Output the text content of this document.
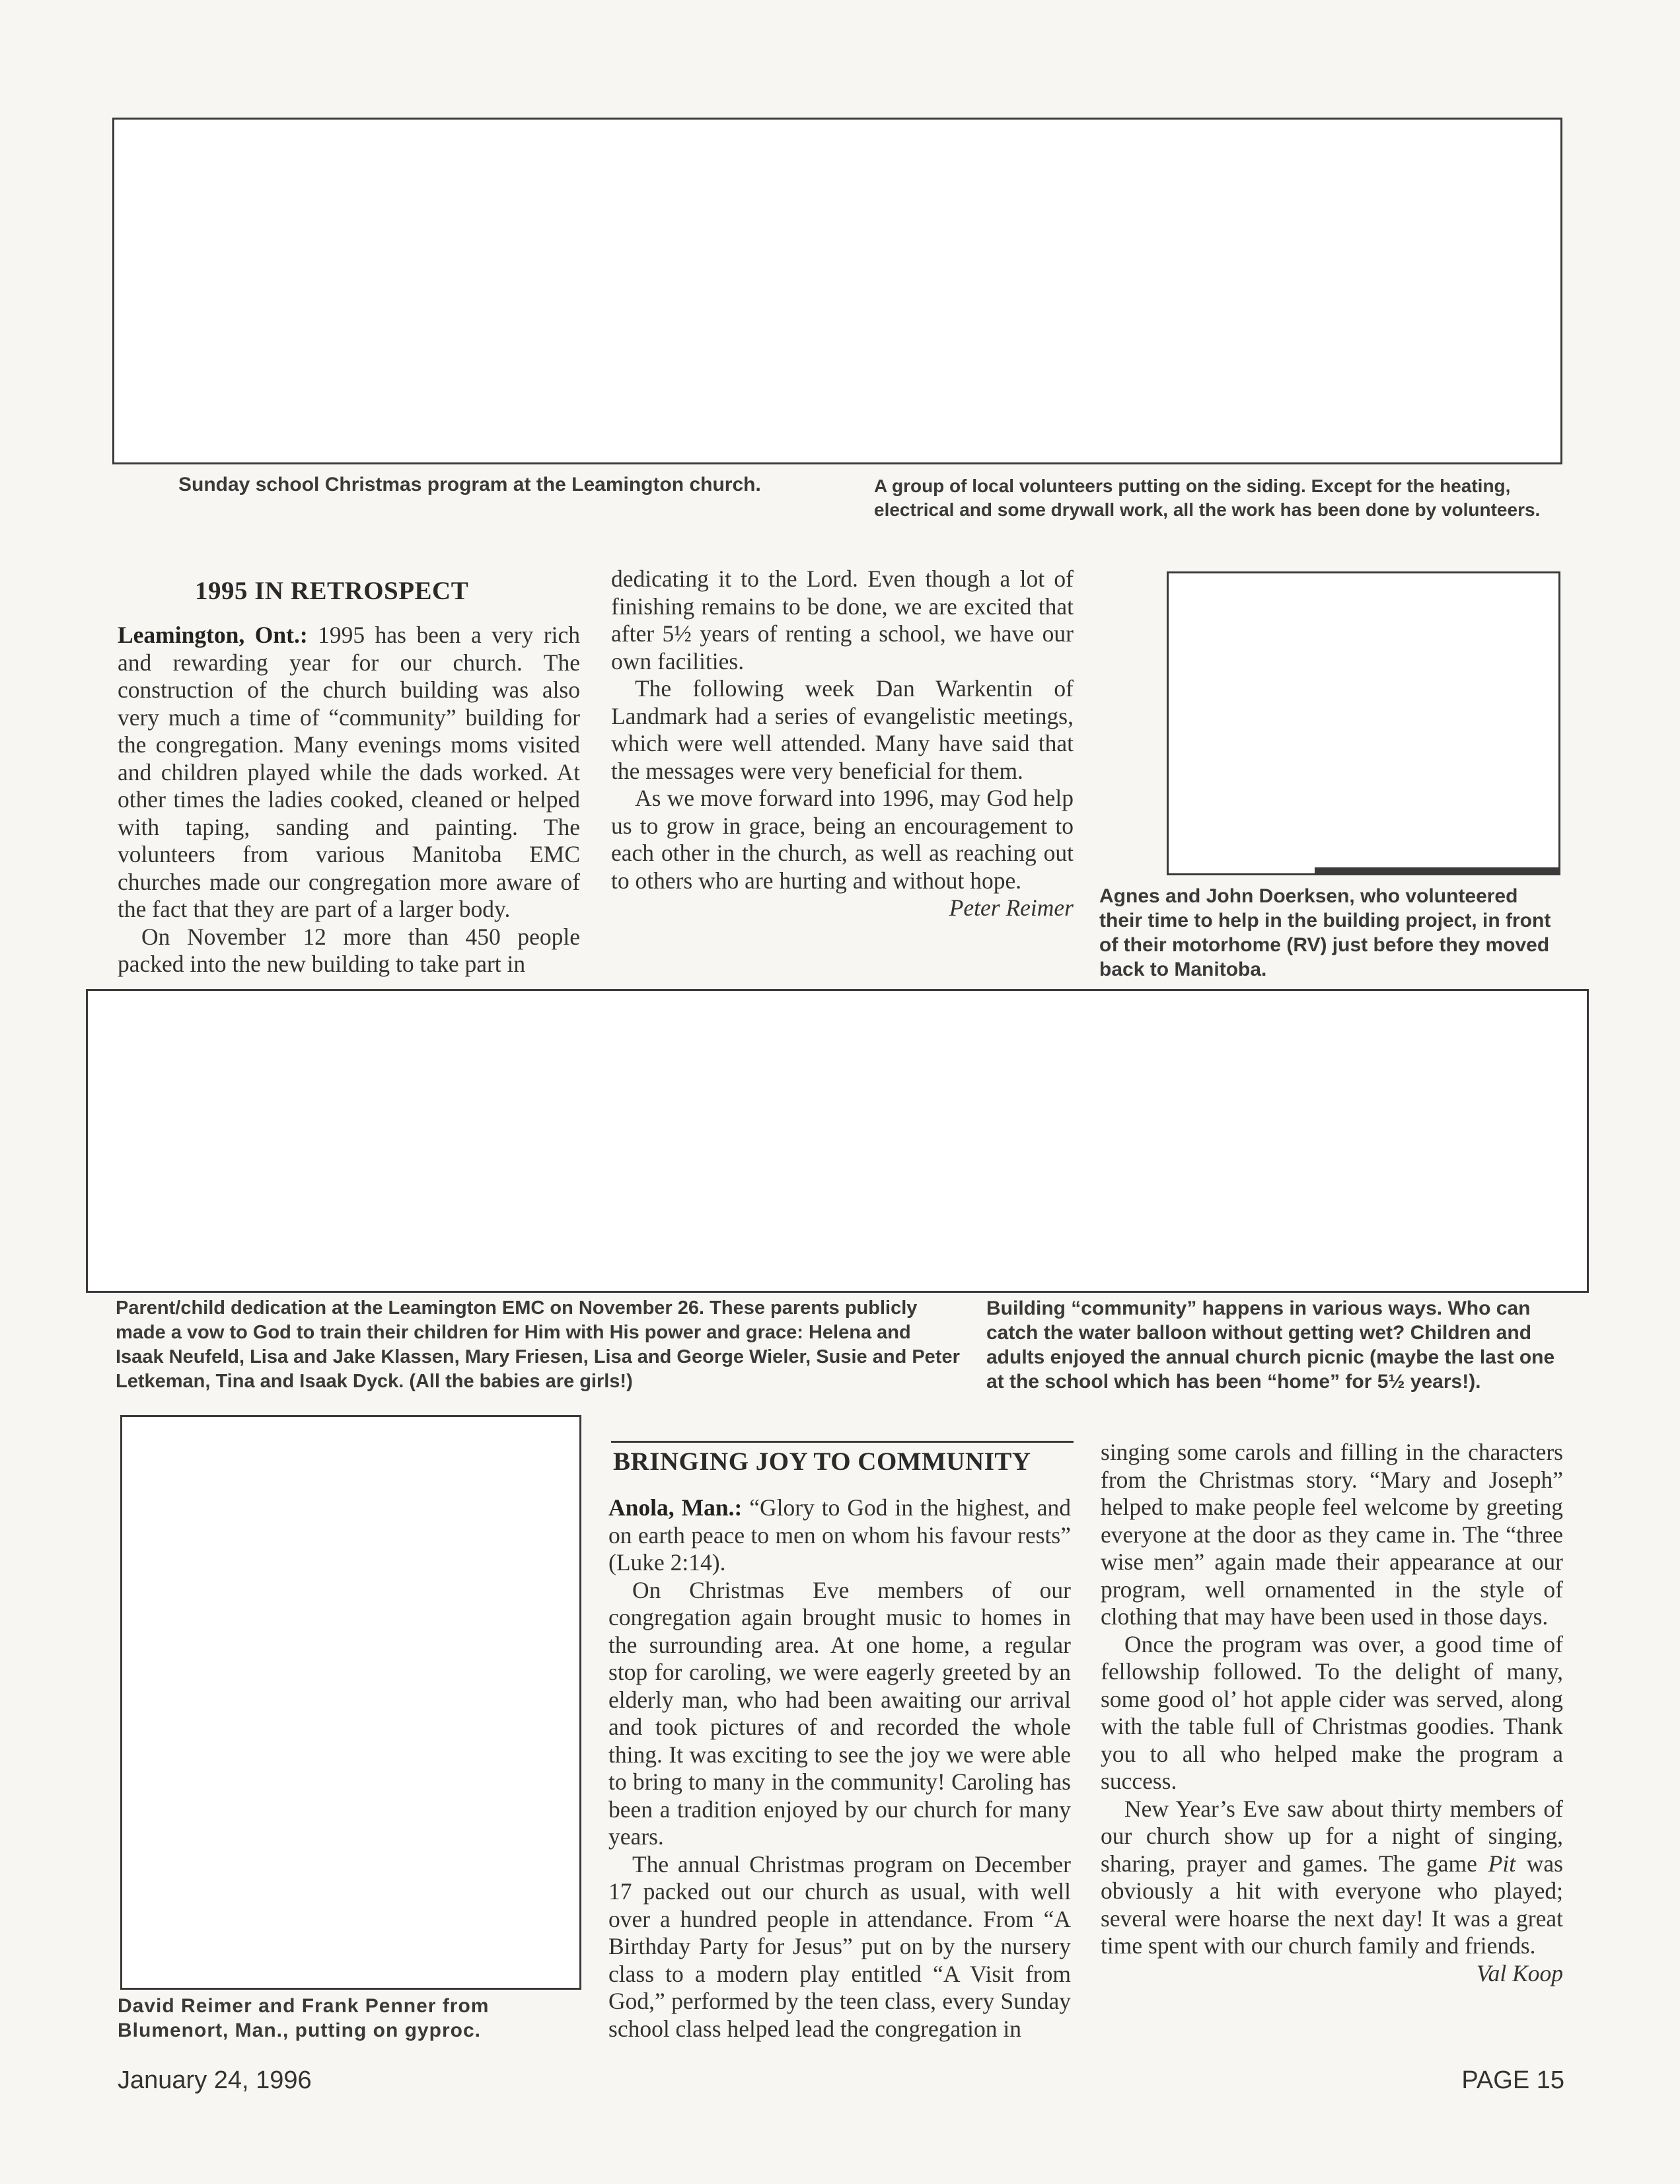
Sunday school Christmas program at the Leamington church.	A group of local volunteers putting on the siding. Except for the heating, electrical and some drywall work, all the work has been done by volunteers.

Agnes and John Doerksen, who volunteered their time to help in the building project, in front of their motorhome (RV) just before they moved back to Manitoba.

Parent/child dedication at the Leamington EMC on November 26. These parents publicly made a vow to God to train their children for Him with His power and grace: Helena and Isaak Neufeld, Lisa and Jake Klassen, Mary Friesen, Lisa and George Wieler, Susie and Peter Letkeman, Tina and Isaak Dyck. (All the babies are girls!)

Building “community” happens in various ways. Who can catch the water balloon without getting wet? Children and adults enjoyed the annual church picnic (maybe the last one at the school which has been “home” for 5½ years!).

David Reimer and Frank Penner from Blumenort, Man., putting on gyproc.

1995 IN RETROSPECT

Leamington, Ont.: 1995 has been a very rich and rewarding year for our church. The construction of the church building was also very much a time of “community” building for the congregation. Many evenings moms visited and children played while the dads worked. At other times the ladies cooked, cleaned or helped with taping, sanding and painting. The volunteers from various Manitoba EMC churches made our congregation more aware of the fact that they are part of a larger body.

On November 12 more than 450 people packed into the new building to take part in

dedicating it to the Lord. Even though a lot of finishing remains to be done, we are excited that after 5½ years of renting a school, we have our own facilities.

The following week Dan Warkentin of Landmark had a series of evangelistic meetings, which were well attended. Many have said that the messages were very beneficial for them.

As we move forward into 1996, may God help us to grow in grace, being an encouragement to each other in the church, as well as reaching out to others who are hurting and without hope.

Peter Reimer

BRINGING JOY TO COMMUNITY

Anola, Man.: “Glory to God in the highest, and on earth peace to men on whom his favour rests” (Luke 2:14).

On Christmas Eve members of our congregation again brought music to homes in the surrounding area. At one home, a regular stop for caroling, we were eagerly greeted by an elderly man, who had been awaiting our arrival and took pictures of and recorded the whole thing. It was exciting to see the joy we were able to bring to many in the community! Caroling has been a tradition enjoyed by our church for many years.

The annual Christmas program on December 17 packed out our church as usual, with well over a hundred people in attendance. From “A Birthday Party for Jesus” put on by the nursery class to a modern play entitled “A Visit from God,” performed by the teen class, every Sunday school class helped lead the congregation in

singing some carols and filling in the characters from the Christmas story. “Mary and Joseph” helped to make people feel welcome by greeting everyone at the door as they came in. The “three wise men” again made their appearance at our program, well ornamented in the style of clothing that may have been used in those days.

Once the program was over, a good time of fellowship followed. To the delight of many, some good ol’ hot apple cider was served, along with the table full of Christmas goodies. Thank you to all who helped make the program a success.

New Year’s Eve saw about thirty members of our church show up for a night of singing, sharing, prayer and games. The game Pit was obviously a hit with everyone who played; several were hoarse the next day! It was a great time spent with our church family and friends.

Val Koop

January 24, 1996	PAGE 15
